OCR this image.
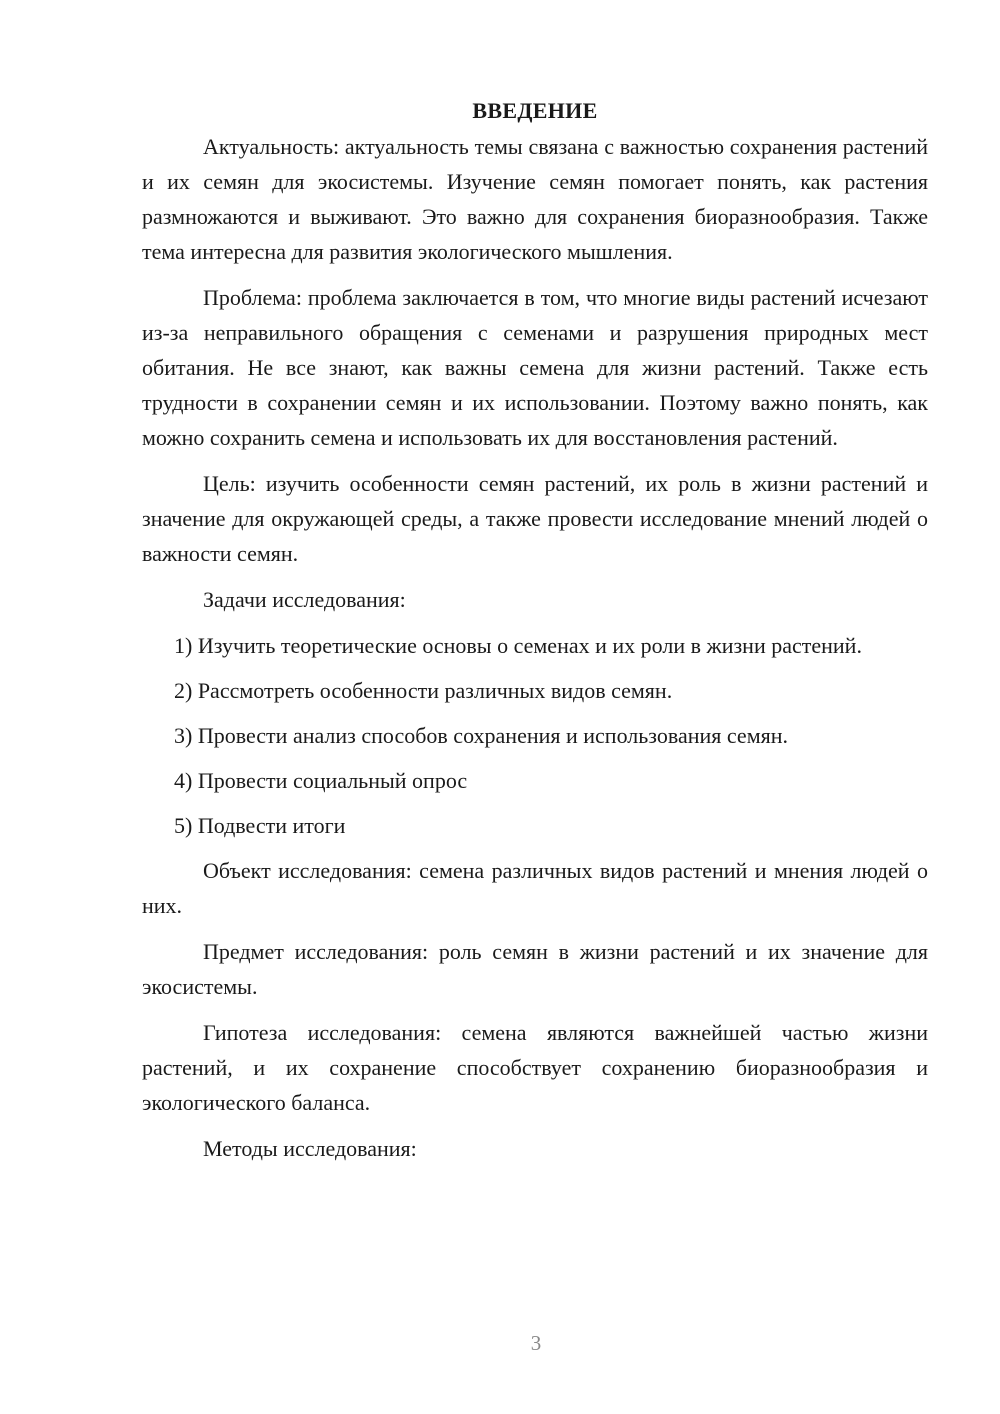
ВВЕДЕНИЕ

Актуальность: актуальность темы связана с важностью сохранения растений и их семян для экосистемы. Изучение семян помогает понять, как растения размножаются и выживают. Это важно для сохранения биоразнообразия. Также тема интересна для развития экологического мышления.

Проблема: проблема заключается в том, что многие виды растений исчезают из-за неправильного обращения с семенами и разрушения природных мест обитания. Не все знают, как важны семена для жизни растений. Также есть трудности в сохранении семян и их использовании. Поэтому важно понять, как можно сохранить семена и использовать их для восстановления растений.

Цель: изучить особенности семян растений, их роль в жизни растений и значение для окружающей среды, а также провести исследование мнений людей о важности семян.

Задачи исследования:

1) Изучить теоретические основы о семенах и их роли в жизни растений.

2) Рассмотреть особенности различных видов семян.

3) Провести анализ способов сохранения и использования семян.

4) Провести социальный опрос

5) Подвести итоги

Объект исследования: семена различных видов растений и мнения людей о них.

Предмет исследования: роль семян в жизни растений и их значение для экосистемы.

Гипотеза исследования: семена являются важнейшей частью жизни растений, и их сохранение способствует сохранению биоразнообразия и экологического баланса.

Методы исследования:

3
